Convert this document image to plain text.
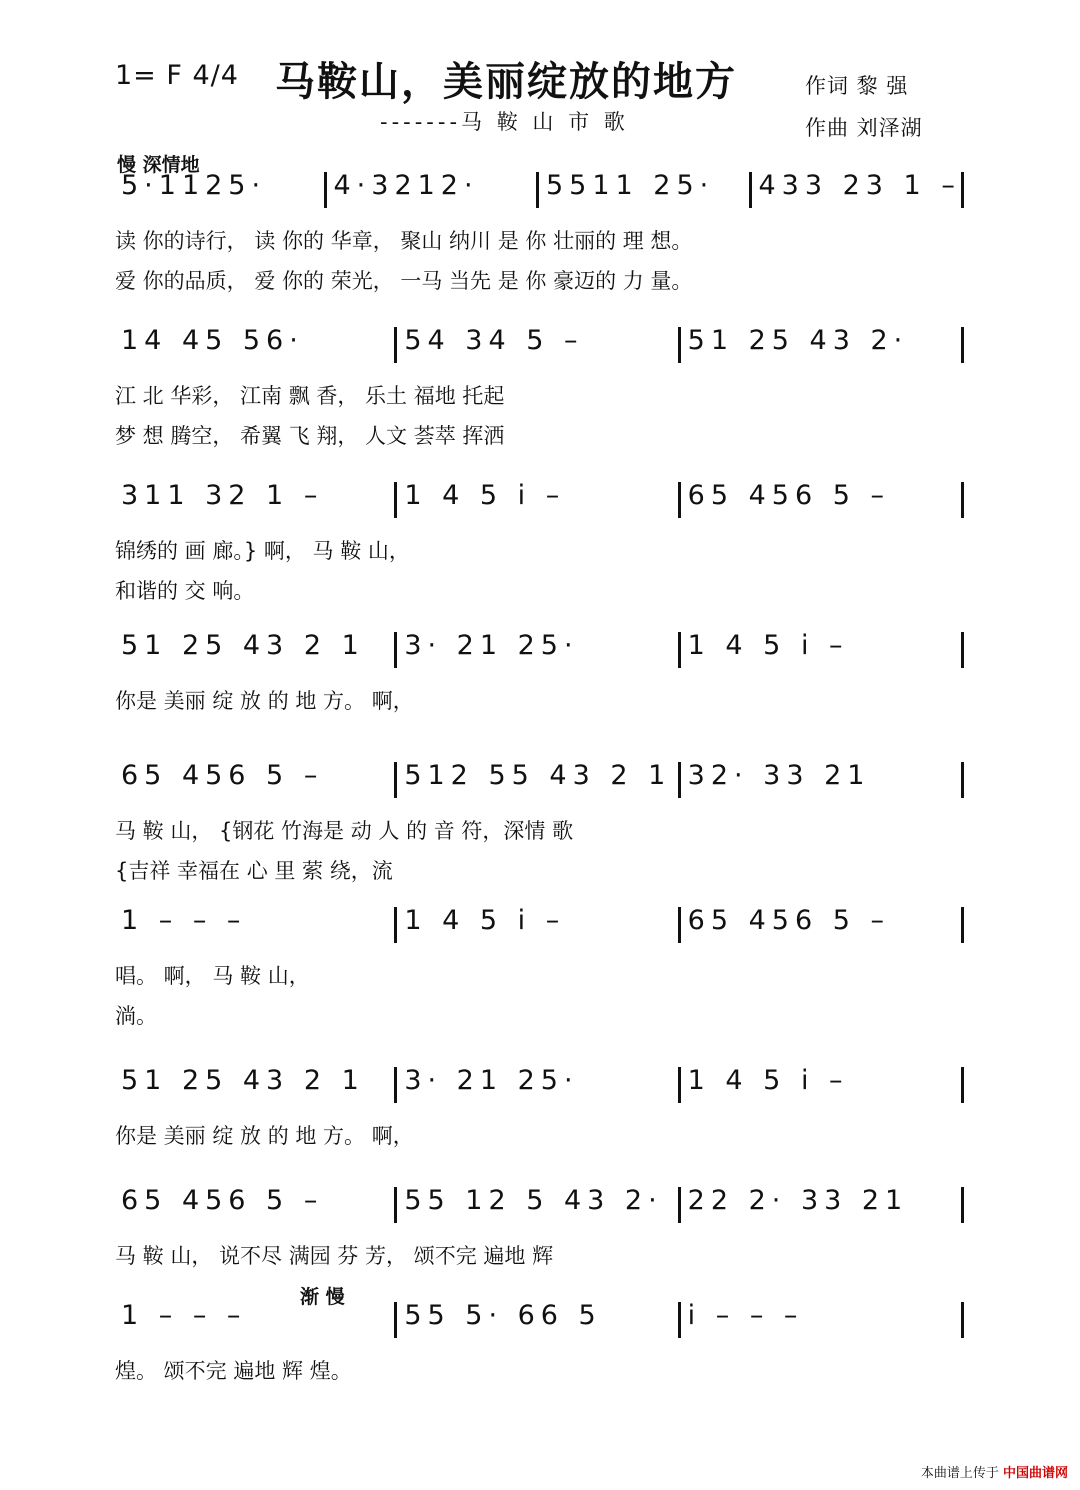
1= F 4/4 马鞍山，美丽绽放的地方
-------马 鞍 山 市 歌
作词 黎 强
作曲 刘泽湖
慢 深情地
渐 慢
5·1125· 4·3212· 5511 25· 433 23 1 –
读 你的诗行， 读 你的 华章， 聚山 纳川 是 你 壮丽的 理 想。
爱 你的品质， 爱 你的 荣光， 一马 当先 是 你 豪迈的 力 量。
14 45 56·	54 34 5 –	51 25 43 2·
江 北 华彩， 江南 飘 香， 乐土 福地 托起
梦 想 腾空， 希翼 飞 翔， 人文 荟萃 挥洒
311 32 1 –	1 4 5 i –	65 456 5 –
锦绣的 画 廊。} 啊， 马 鞍 山，
和谐的 交 响。
51 25 43 2 1 3· 21 25·	1 4 5 i –
你是 美丽 绽 放 的 地 方。 啊，
65 456 5 –	512 55 43 2 1 32· 33 21
马 鞍 山， {钢花 竹海是 动 人 的 音 符，深情 歌
{吉祥 幸福在 心 里 萦 绕，流
1 – – –	1 4 5 i –	65 456 5 –
唱。 啊， 马 鞍 山，
淌。
51 25 43 2 1 3· 21 25·	1 4 5 i –
你是 美丽 绽 放 的 地 方。 啊，
65 456 5 –	55 12 5 43 2· 22 2· 33 21
马 鞍 山， 说不尽 满园 芬 芳， 颂不完 遍地 辉
1 – – –	55 5· 66 5	i – – –
煌。 颂不完 遍地 辉 煌。
本曲谱上传于 中国曲谱网
